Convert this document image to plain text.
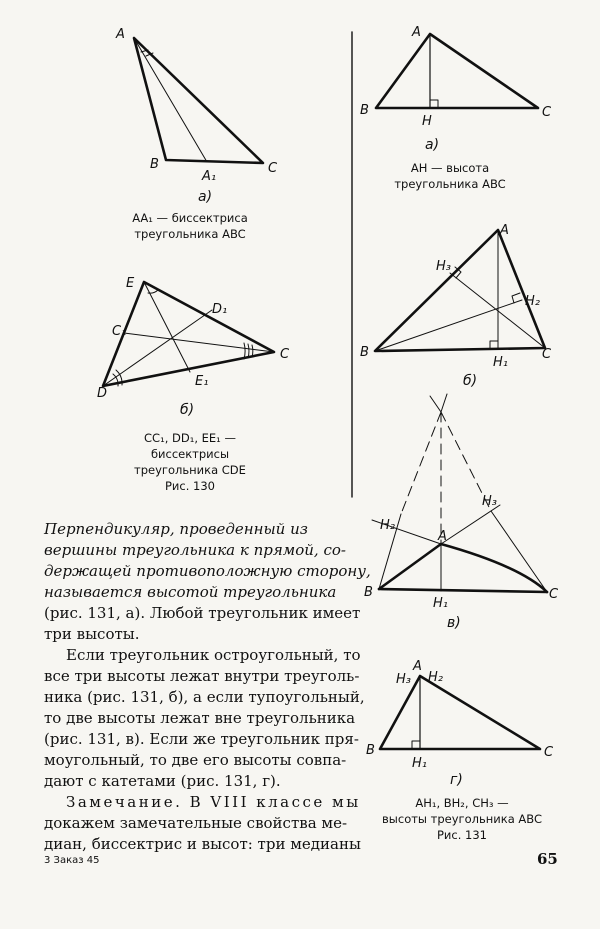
A
B	C
A₁
а)
E
D₁
C₁
C
E₁
D
б)
A
B	C
H
а)
A
H₃
H₂
B	C
H₁
б)
H₃
H₂
A
B	C
H₁
в)
A
H₃ H₂
B	C
H₁
г)
AA₁ — биссектриса
треугольника ABC
CC₁, DD₁, EE₁ —
биссектрисы
треугольника CDE
Рис. 130
AH — высота
треугольника ABC
AH₁, BH₂, CH₃ —
высоты треугольника ABC
Рис. 131
Перпендикуляр, проведенный из
вершины треугольника к прямой, со-
держащей противоположную сторону,
называется высотой треугольника
(рис. 131, а). Любой треугольник имеет
три высоты.
Если треугольник остроугольный, то
все три высоты лежат внутри треуголь-
ника (рис. 131, б), а если тупоугольный,
то две высоты лежат вне треугольника
(рис. 131, в). Если же треугольник пря-
моугольный, то две его высоты совпа-
дают с катетами (рис. 131, г).
Замечание. В VIII классе мы
докажем замечательные свойства ме-
диан, биссектрис и высот: три медианы
3 Заказ 45	65
